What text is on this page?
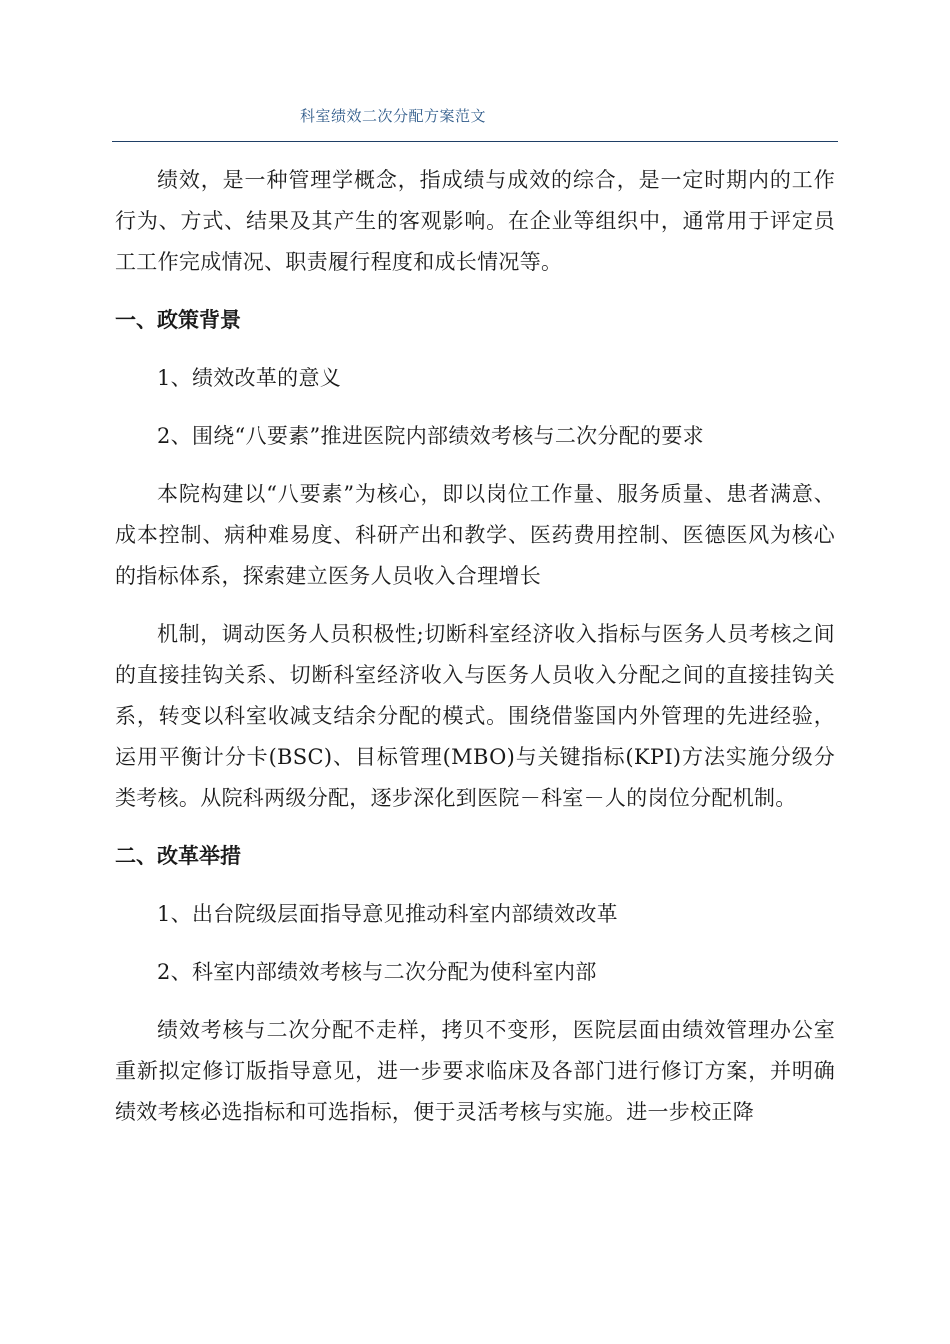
科室绩效二次分配方案范文

绩效，是一种管理学概念，指成绩与成效的综合，是一定时期内的工作行为、方式、结果及其产生的客观影响。在企业等组织中，通常用于评定员工工作完成情况、职责履行程度和成长情况等。

一、政策背景
1、绩效改革的意义
2、围绕“八要素”推进医院内部绩效考核与二次分配的要求

本院构建以“八要素”为核心，即以岗位工作量、服务质量、患者满意、成本控制、病种难易度、科研产出和教学、医药费用控制、医德医风为核心的指标体系，探索建立医务人员收入合理增长

机制，调动医务人员积极性;切断科室经济收入指标与医务人员考核之间的直接挂钩关系、切断科室经济收入与医务人员收入分配之间的直接挂钩关系，转变以科室收减支结余分配的模式。围绕借鉴国内外管理的先进经验，运用平衡计分卡(BSC)、目标管理(MBO)与关键指标(KPI)方法实施分级分类考核。从院科两级分配，逐步深化到医院－科室－人的岗位分配机制。

二、改革举措
1、出台院级层面指导意见推动科室内部绩效改革
2、科室内部绩效考核与二次分配为使科室内部

绩效考核与二次分配不走样，拷贝不变形，医院层面由绩效管理办公室重新拟定修订版指导意见，进一步要求临床及各部门进行修订方案，并明确绩效考核必选指标和可选指标，便于灵活考核与实施。进一步校正降
